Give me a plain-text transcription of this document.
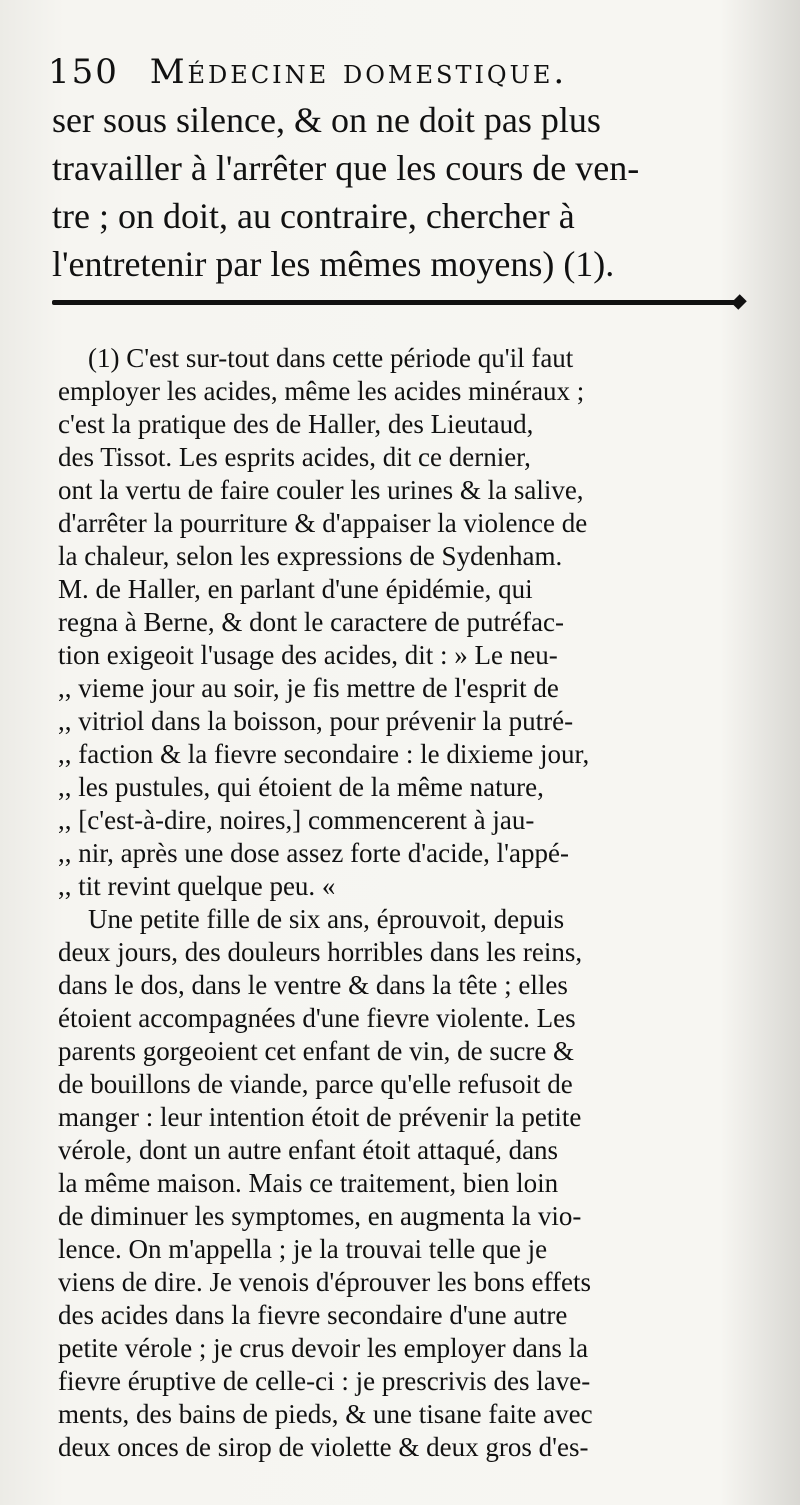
150 Médecine domestique.
ser sous silence, & on ne doit pas plus
travailler à l'arrêter que les cours de ven-
tre ; on doit, au contraire, chercher à
l'entretenir par les mêmes moyens) (1).
(1) C'est sur-tout dans cette période qu'il faut
employer les acides, même les acides minéraux ;
c'est la pratique des de Haller, des Lieutaud,
des Tissot. Les esprits acides, dit ce dernier,
ont la vertu de faire couler les urines & la salive,
d'arrêter la pourriture & d'appaiser la violence de
la chaleur, selon les expressions de Sydenham.
M. de Haller, en parlant d'une épidémie, qui
regna à Berne, & dont le caractere de putréfac-
tion exigeoit l'usage des acides, dit : » Le neu-
,, vieme jour au soir, je fis mettre de l'esprit de
,, vitriol dans la boisson, pour prévenir la putré-
,, faction & la fievre secondaire : le dixieme jour,
,, les pustules, qui étoient de la même nature,
,, [c'est-à-dire, noires,] commencerent à jau-
,, nir, après une dose assez forte d'acide, l'appé-
,, tit revint quelque peu. «
Une petite fille de six ans, éprouvoit, depuis
deux jours, des douleurs horribles dans les reins,
dans le dos, dans le ventre & dans la tête ; elles
étoient accompagnées d'une fievre violente. Les
parents gorgeoient cet enfant de vin, de sucre &
de bouillons de viande, parce qu'elle refusoit de
manger : leur intention étoit de prévenir la petite
vérole, dont un autre enfant étoit attaqué, dans
la même maison. Mais ce traitement, bien loin
de diminuer les symptomes, en augmenta la vio-
lence. On m'appella ; je la trouvai telle que je
viens de dire. Je venois d'éprouver les bons effets
des acides dans la fievre secondaire d'une autre
petite vérole ; je crus devoir les employer dans la
fievre éruptive de celle-ci : je prescrivis des lave-
ments, des bains de pieds, & une tisane faite avec
deux onces de sirop de violette & deux gros d'es-
